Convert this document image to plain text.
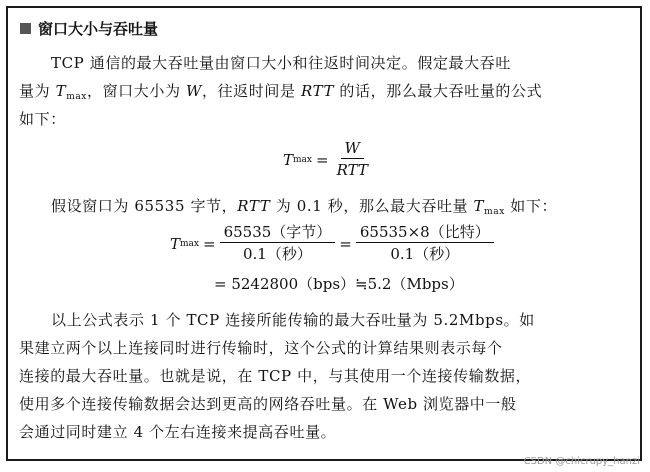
窗口大小与吞吐量
TCP 通信的最大吞吐量由窗口大小和往返时间决定。假定最大吞吐
量为 $T_{max}$，窗口大小为 W，往返时间是 RTT 的话，那么最大吞吐量的公式
如下：
T $\max = \frac{W}{\text{RTT}}$
假设窗口为 65535 字节，RTT 为 0.1 秒，那么最大吞吐量 $T_{max}$ 如下：
T $\max = \frac{\text{65535（字节）}}{\text{0.1（秒）}} = \frac{\text{65535×8（比特）}}{\text{0.1（秒）}}$
= 5242800（bps）≒5.2（Mbps）
以上公式表示 1 个 TCP 连接所能传输的最大吞吐量为 5.2Mbps。如
果建立两个以上连接同时进行传输时，这个公式的计算结果则表示每个
连接的最大吞吐量。也就是说，在 TCP 中，与其使用一个连接传输数据，
使用多个连接传输数据会达到更高的网络吞吐量。在 Web 浏览器中一般
会通过同时建立 4 个左右连接来提高吞吐量。
CSDN @chicrupy_hanzi
